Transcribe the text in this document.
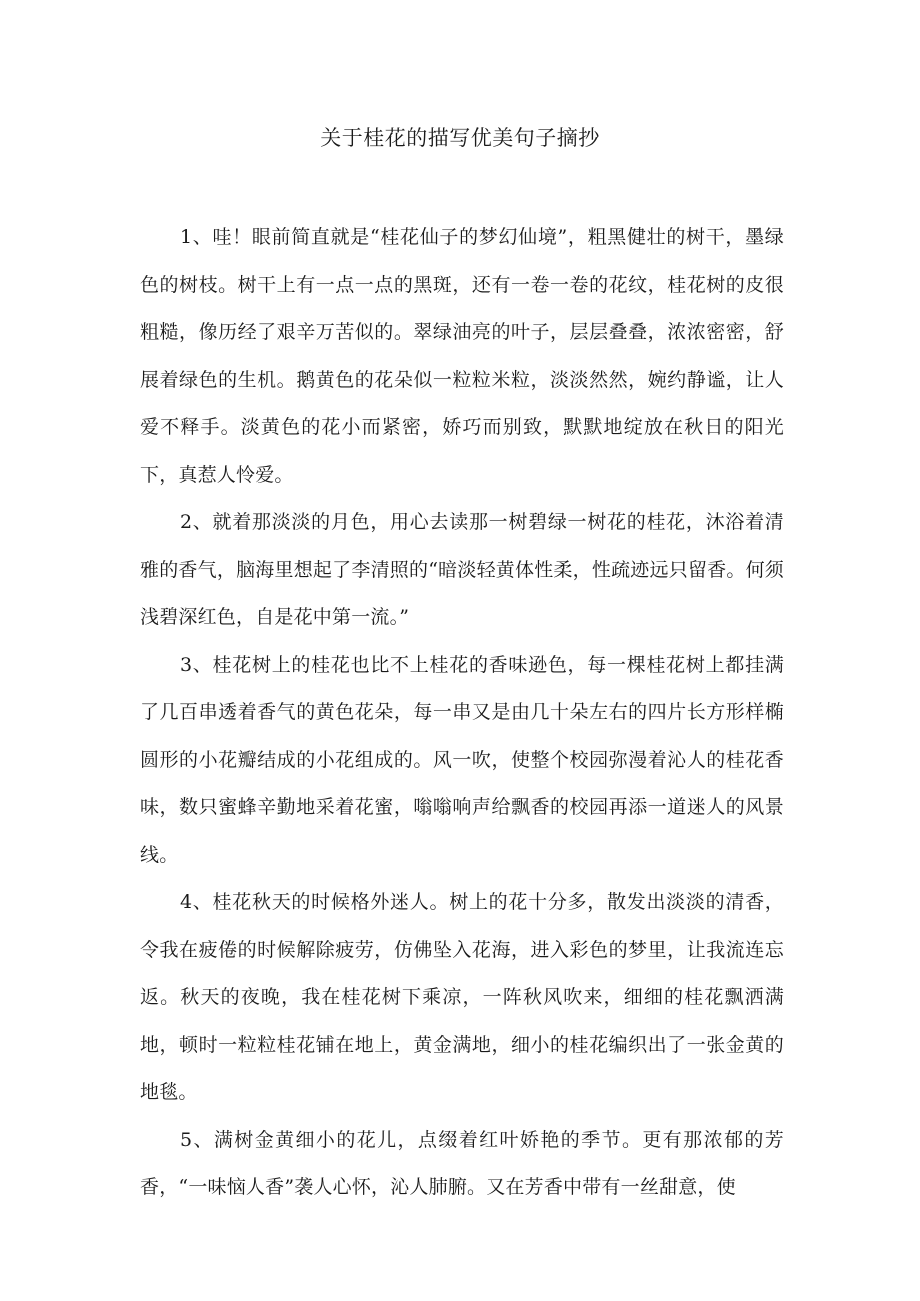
关于桂花的描写优美句子摘抄

1、哇！眼前简直就是“桂花仙子的梦幻仙境”，粗黑健壮的树干，墨绿色的树枝。树干上有一点一点的黑斑，还有一卷一卷的花纹，桂花树的皮很粗糙，像历经了艰辛万苦似的。翠绿油亮的叶子，层层叠叠，浓浓密密，舒展着绿色的生机。鹅黄色的花朵似一粒粒米粒，淡淡然然，婉约静谧，让人爱不释手。淡黄色的花小而紧密，娇巧而别致，默默地绽放在秋日的阳光下，真惹人怜爱。

2、就着那淡淡的月色，用心去读那一树碧绿一树花的桂花，沐浴着清雅的香气，脑海里想起了李清照的“暗淡轻黄体性柔，性疏迹远只留香。何须浅碧深红色，自是花中第一流。”

3、桂花树上的桂花也比不上桂花的香味逊色，每一棵桂花树上都挂满了几百串透着香气的黄色花朵，每一串又是由几十朵左右的四片长方形样椭圆形的小花瓣结成的小花组成的。风一吹，使整个校园弥漫着沁人的桂花香味，数只蜜蜂辛勤地采着花蜜，嗡嗡响声给飘香的校园再添一道迷人的风景线。

4、桂花秋天的时候格外迷人。树上的花十分多，散发出淡淡的清香，令我在疲倦的时候解除疲劳，仿佛坠入花海，进入彩色的梦里，让我流连忘返。秋天的夜晚，我在桂花树下乘凉，一阵秋风吹来，细细的桂花飘洒满地，顿时一粒粒桂花铺在地上，黄金满地，细小的桂花编织出了一张金黄的地毯。

5、满树金黄细小的花儿，点缀着红叶娇艳的季节。更有那浓郁的芳香，“一味恼人香”袭人心怀，沁人肺腑。又在芳香中带有一丝甜意，使
